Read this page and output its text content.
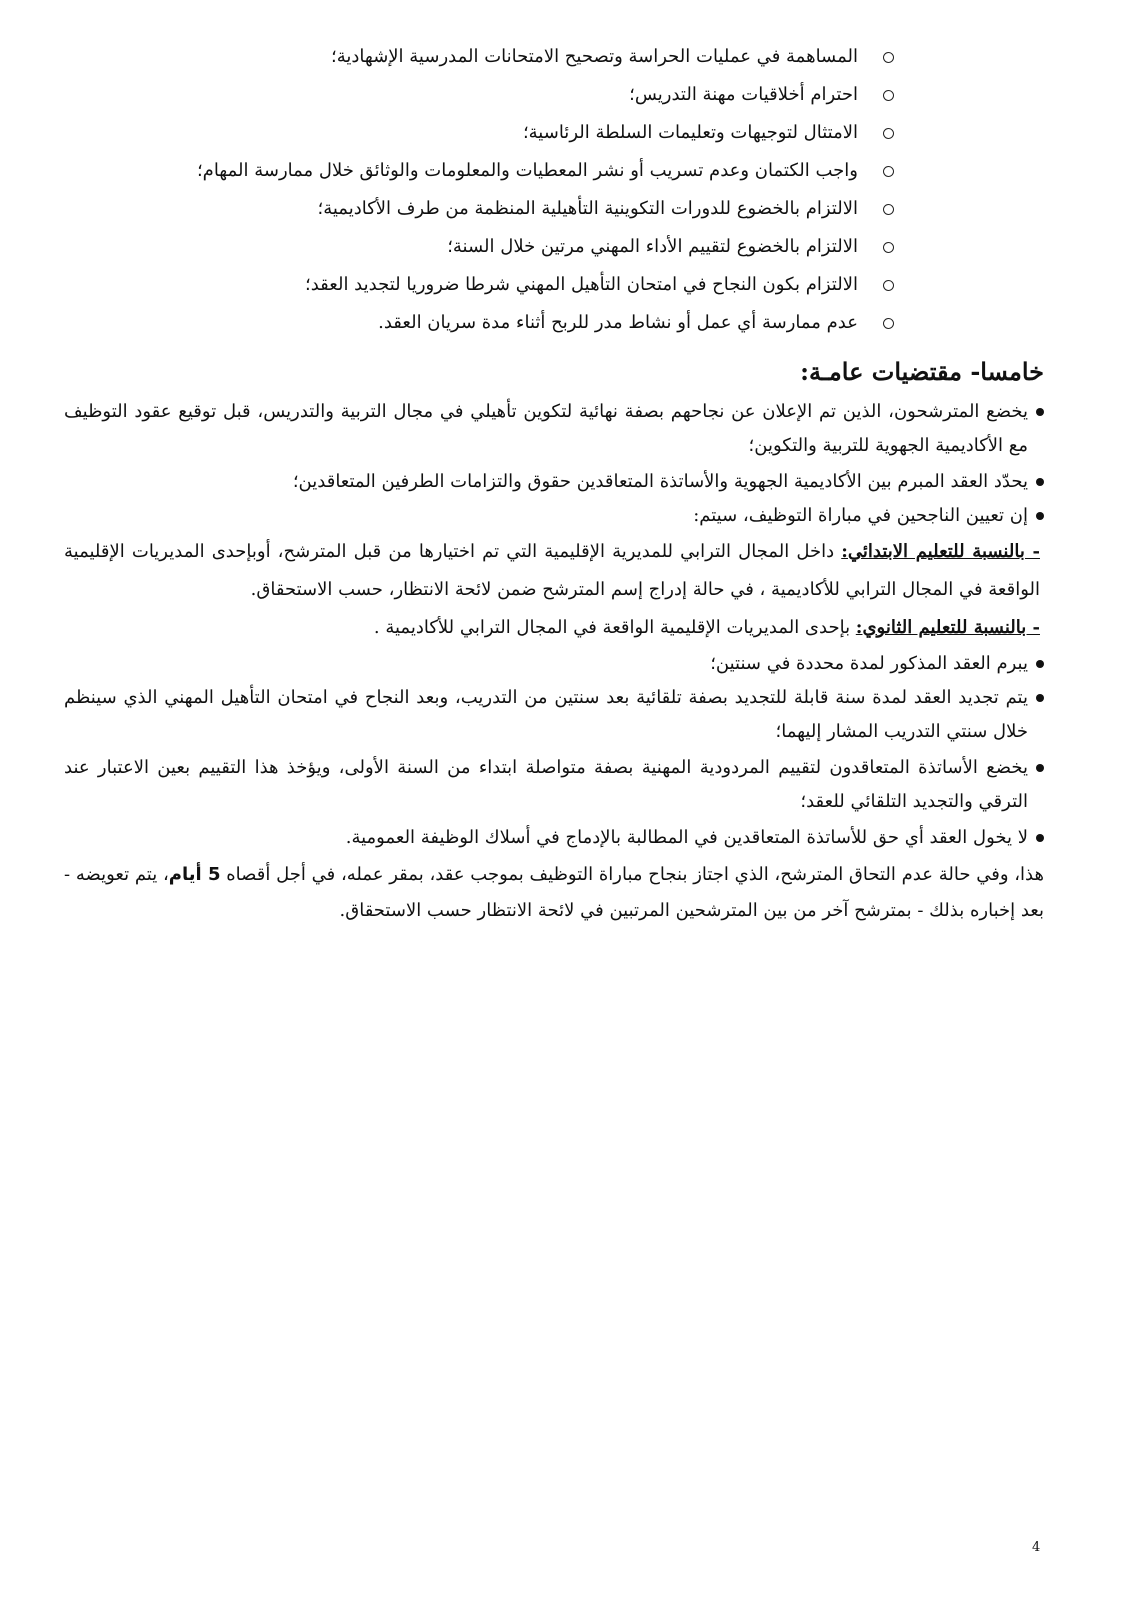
المساهمة في عمليات الحراسة وتصحيح الامتحانات المدرسية الإشهادية؛
احترام أخلاقيات مهنة التدريس؛
الامتثال لتوجيهات وتعليمات السلطة الرئاسية؛
واجب الكتمان وعدم تسريب أو نشر المعطيات والمعلومات والوثائق خلال ممارسة المهام؛
الالتزام بالخضوع للدورات التكوينية التأهيلية المنظمة من طرف الأكاديمية؛
الالتزام بالخضوع لتقييم الأداء المهني مرتين خلال السنة؛
الالتزام بكون النجاح في امتحان التأهيل المهني شرطا ضروريا لتجديد العقد؛
عدم ممارسة أي عمل أو نشاط مدر للربح أثناء مدة سريان العقد.
خامسا- مقتضيات عامـة:
يخضع المترشحون، الذين تم الإعلان عن نجاحهم بصفة نهائية لتكوين تأهيلي في مجال التربية والتدريس، قبل توقيع عقود التوظيف مع الأكاديمية الجهوية للتربية والتكوين؛
يحدّد العقد المبرم بين الأكاديمية الجهوية والأساتذة المتعاقدين حقوق والتزامات الطرفين المتعاقدين؛
إن تعيين الناجحين في مباراة التوظيف، سيتم:
- بالنسبة للتعليم الابتدائي: داخل المجال الترابي للمديرية الإقليمية التي تم اختيارها من قبل المترشح، أوبإحدى المديريات الإقليمية الواقعة في المجال الترابي للأكاديمية ، في حالة إدراج إسم المترشح ضمن لائحة الانتظار، حسب الاستحقاق.
- بالنسبة للتعليم الثانوي: بإحدى المديريات الإقليمية الواقعة في المجال الترابي للأكاديمية .
يبرم العقد المذكور لمدة محددة في سنتين؛
يتم تجديد العقد لمدة سنة قابلة للتجديد بصفة تلقائية بعد سنتين من التدريب، وبعد النجاح في امتحان التأهيل المهني الذي سينظم خلال سنتي التدريب المشار إليهما؛
يخضع الأساتذة المتعاقدون لتقييم المردودية المهنية بصفة متواصلة ابتداء من السنة الأولى، ويؤخذ هذا التقييم بعين الاعتبار عند الترقي والتجديد التلقائي للعقد؛
لا يخول العقد أي حق للأساتذة المتعاقدين في المطالبة بالإدماج في أسلاك الوظيفة العمومية.
هذا، وفي حالة عدم التحاق المترشح، الذي اجتاز بنجاح مباراة التوظيف بموجب عقد، بمقر عمله، في أجل أقصاه 5 أيام، يتم تعويضه - بعد إخباره بذلك - بمترشح آخر من بين المترشحين المرتبين في لائحة الانتظار حسب الاستحقاق.
4
